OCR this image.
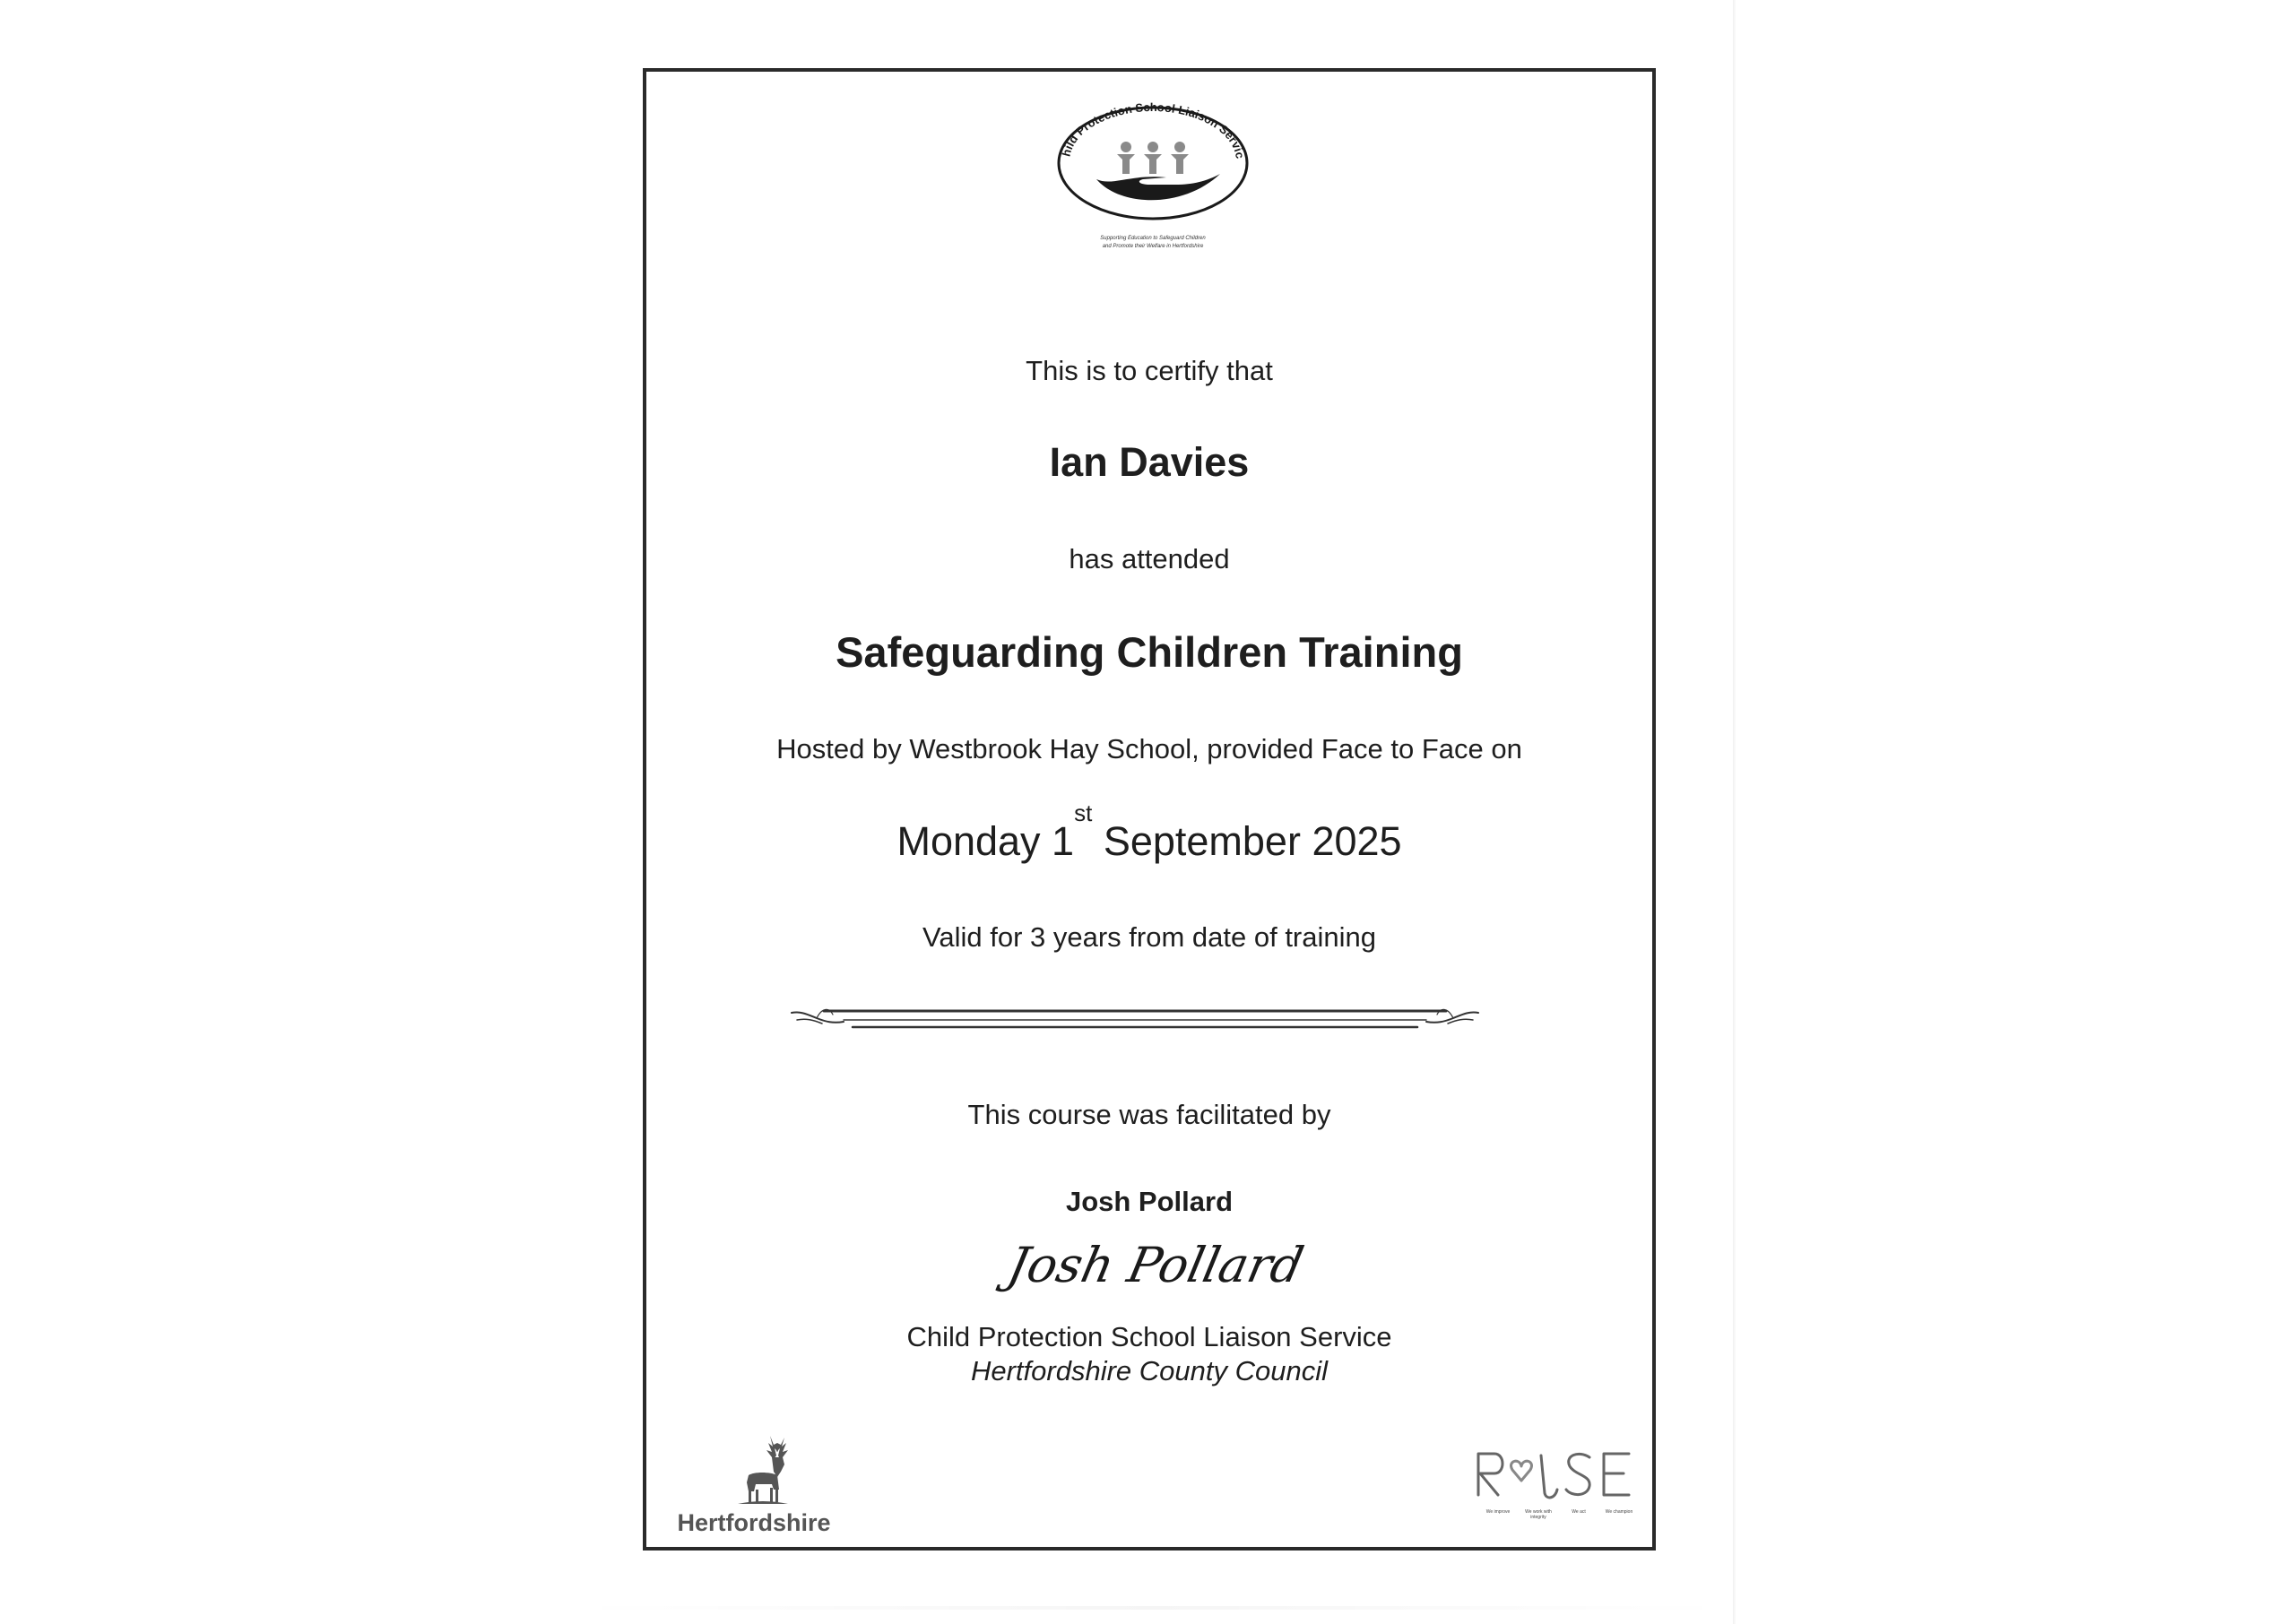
hild Protection School Liaison Servic
Supporting Education to Safeguard Children
and Promote their Welfare in Hertfordshire
This is to certify that
Ian Davies
has attended
Safeguarding Children Training
Hosted by Westbrook Hay School, provided Face to Face on
Monday 1st September 2025
Valid for 3 years from date of training
This course was facilitated by
Josh Pollard
Josh Pollard
Child Protection School Liaison Service
Hertfordshire County Council
Hertfordshire	We improve	We work with integrity
We act	We champion
